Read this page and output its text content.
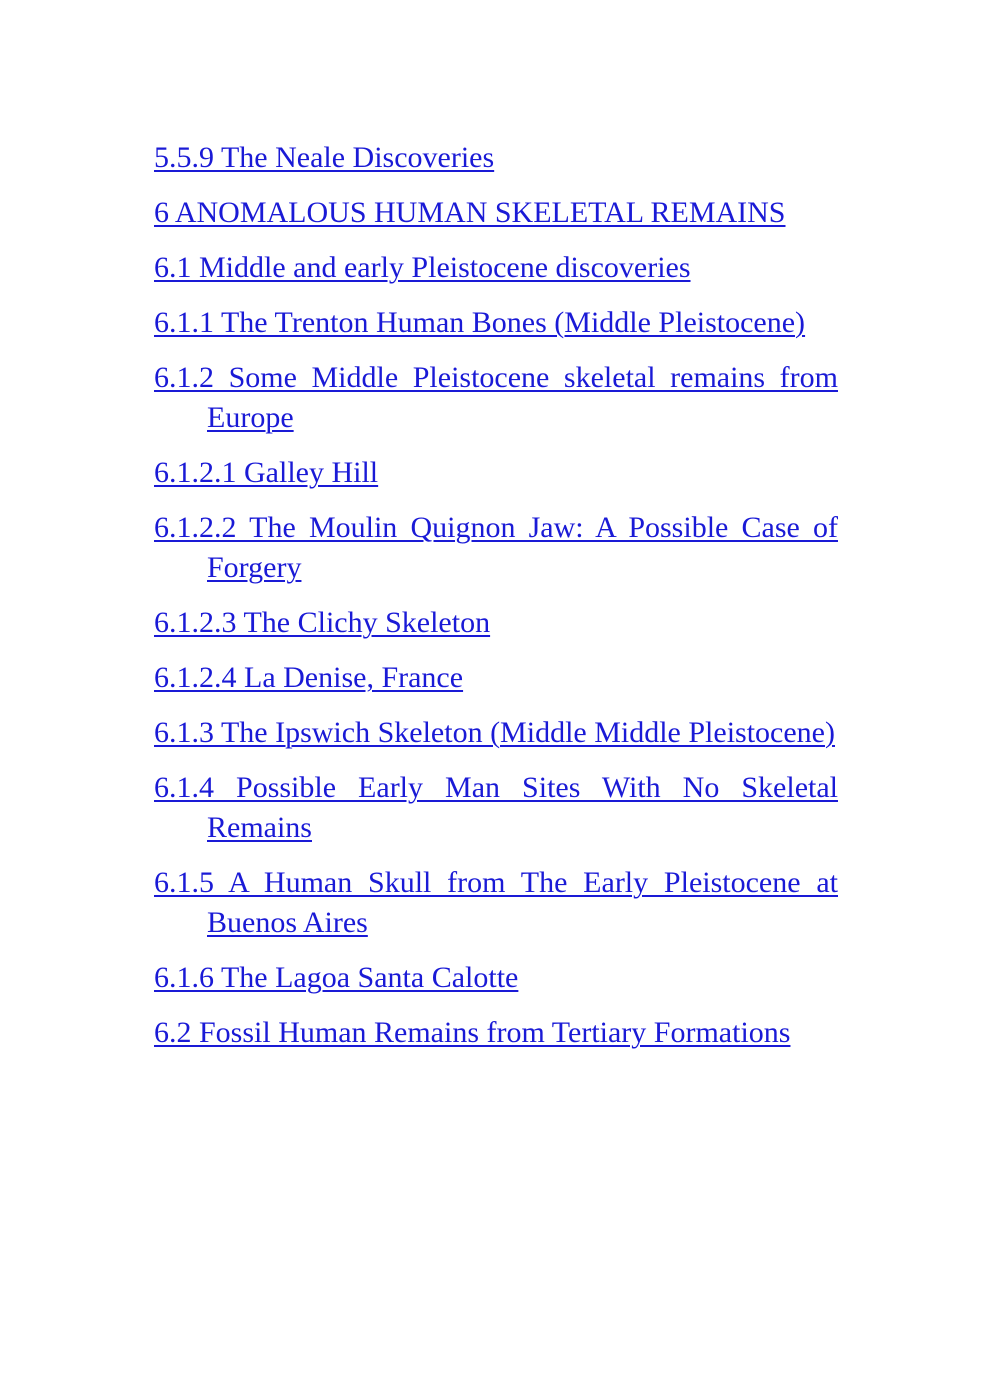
5.5.9 The Neale Discoveries
6 ANOMALOUS HUMAN SKELETAL REMAINS
6.1 Middle and early Pleistocene discoveries
6.1.1 The Trenton Human Bones (Middle Pleistocene)
6.1.2 Some Middle Pleistocene skeletal remains from Europe
6.1.2.1 Galley Hill
6.1.2.2 The Moulin Quignon Jaw: A Possible Case of Forgery
6.1.2.3 The Clichy Skeleton
6.1.2.4 La Denise, France
6.1.3 The Ipswich Skeleton (Middle Middle Pleistocene)
6.1.4 Possible Early Man Sites With No Skeletal Remains
6.1.5 A Human Skull from The Early Pleistocene at Buenos Aires
6.1.6 The Lagoa Santa Calotte
6.2 Fossil Human Remains from Tertiary Formations
